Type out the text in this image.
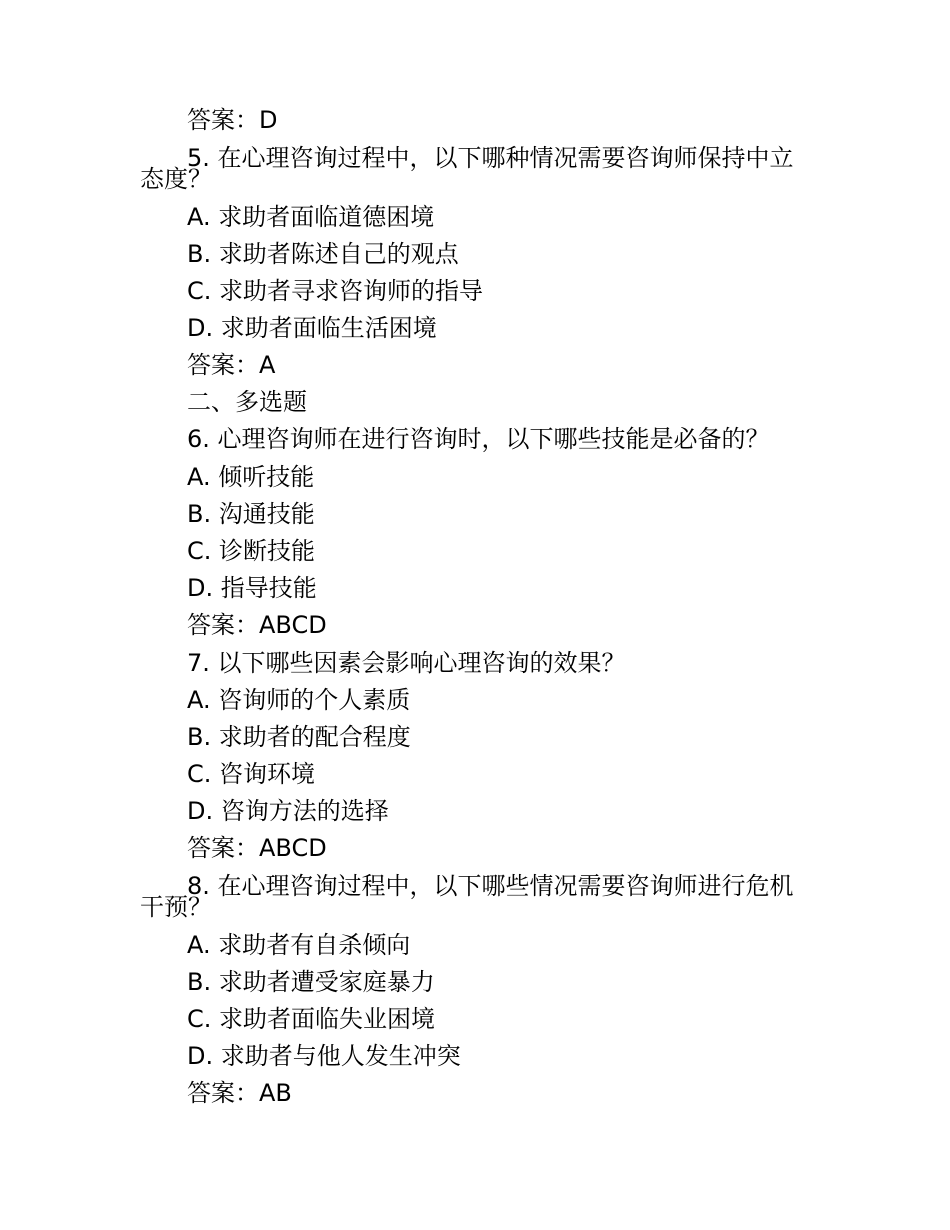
答案：D
5. 在心理咨询过程中，以下哪种情况需要咨询师保持中立
态度？
A. 求助者面临道德困境
B. 求助者陈述自己的观点
C. 求助者寻求咨询师的指导
D. 求助者面临生活困境
答案：A
二、多选题
6. 心理咨询师在进行咨询时，以下哪些技能是必备的？
A. 倾听技能
B. 沟通技能
C. 诊断技能
D. 指导技能
答案：ABCD
7. 以下哪些因素会影响心理咨询的效果？
A. 咨询师的个人素质
B. 求助者的配合程度
C. 咨询环境
D. 咨询方法的选择
答案：ABCD
8. 在心理咨询过程中，以下哪些情况需要咨询师进行危机
干预？
A. 求助者有自杀倾向
B. 求助者遭受家庭暴力
C. 求助者面临失业困境
D. 求助者与他人发生冲突
答案：AB
